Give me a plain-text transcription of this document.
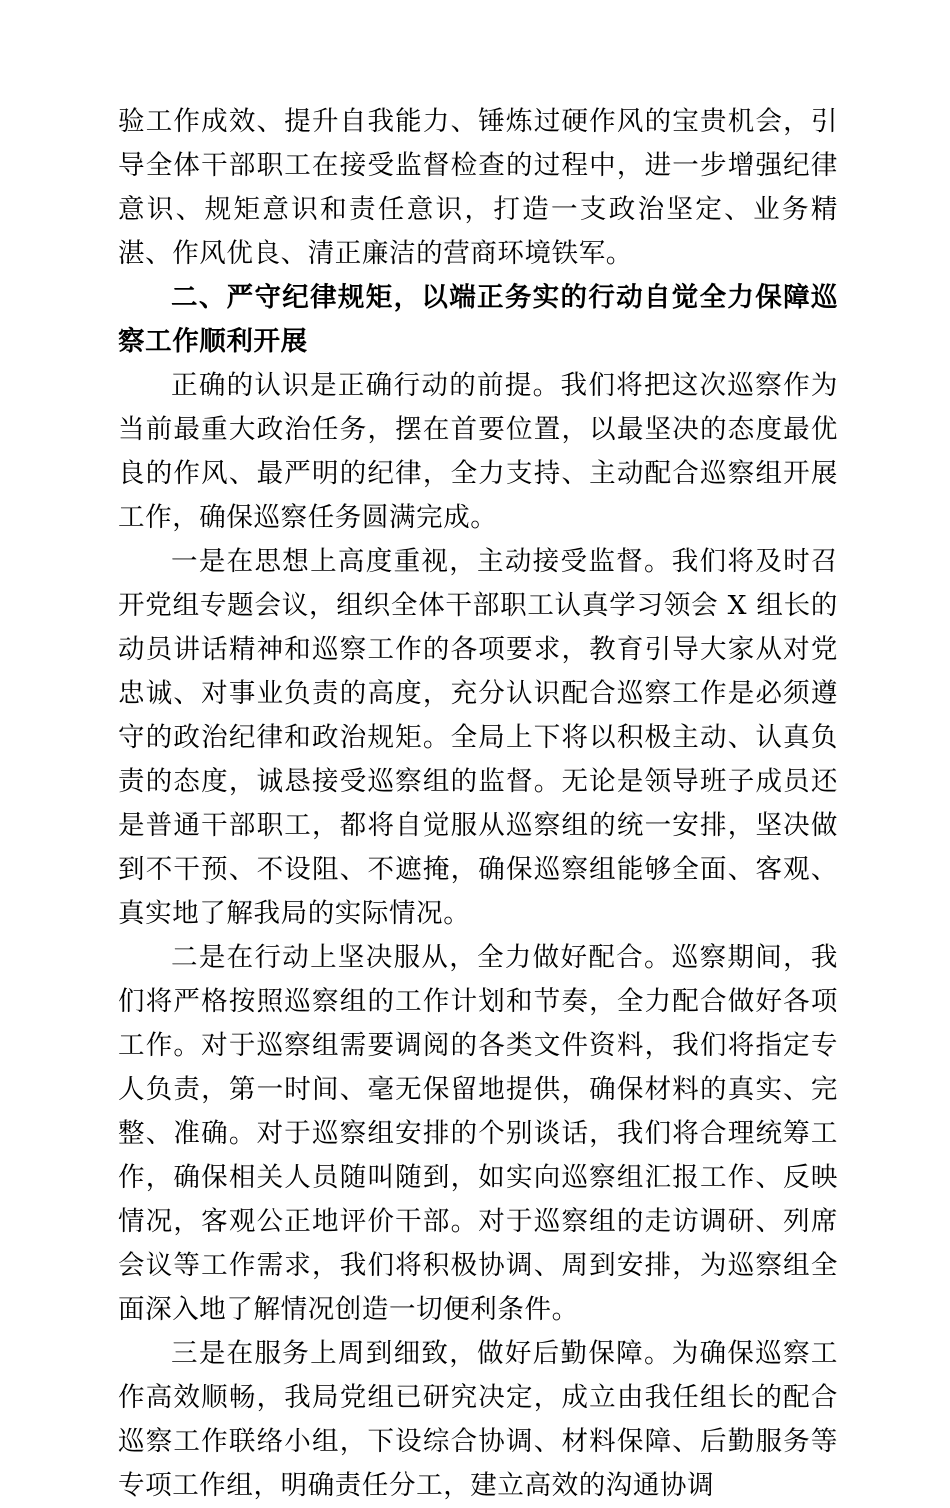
验工作成效、提升自我能力、锤炼过硬作风的宝贵机会，引导全体干部职工在接受监督检查的过程中，进一步增强纪律意识、规矩意识和责任意识，打造一支政治坚定、业务精湛、作风优良、清正廉洁的营商环境铁军。

二、严守纪律规矩，以端正务实的行动自觉全力保障巡察工作顺利开展

正确的认识是正确行动的前提。我们将把这次巡察作为当前最重大政治任务，摆在首要位置，以最坚决的态度最优良的作风、最严明的纪律，全力支持、主动配合巡察组开展工作，确保巡察任务圆满完成。

一是在思想上高度重视，主动接受监督。我们将及时召开党组专题会议，组织全体干部职工认真学习领会 X 组长的动员讲话精神和巡察工作的各项要求，教育引导大家从对党忠诚、对事业负责的高度，充分认识配合巡察工作是必须遵守的政治纪律和政治规矩。全局上下将以积极主动、认真负责的态度，诚恳接受巡察组的监督。无论是领导班子成员还是普通干部职工，都将自觉服从巡察组的统一安排，坚决做到不干预、不设阻、不遮掩，确保巡察组能够全面、客观、真实地了解我局的实际情况。

二是在行动上坚决服从，全力做好配合。巡察期间，我们将严格按照巡察组的工作计划和节奏，全力配合做好各项工作。对于巡察组需要调阅的各类文件资料，我们将指定专人负责，第一时间、毫无保留地提供，确保材料的真实、完整、准确。对于巡察组安排的个别谈话，我们将合理统筹工作，确保相关人员随叫随到，如实向巡察组汇报工作、反映情况，客观公正地评价干部。对于巡察组的走访调研、列席会议等工作需求，我们将积极协调、周到安排，为巡察组全面深入地了解情况创造一切便利条件。

三是在服务上周到细致，做好后勤保障。为确保巡察工作高效顺畅，我局党组已研究决定，成立由我任组长的配合巡察工作联络小组，下设综合协调、材料保障、后勤服务等专项工作组，明确责任分工，建立高效的沟通协调
